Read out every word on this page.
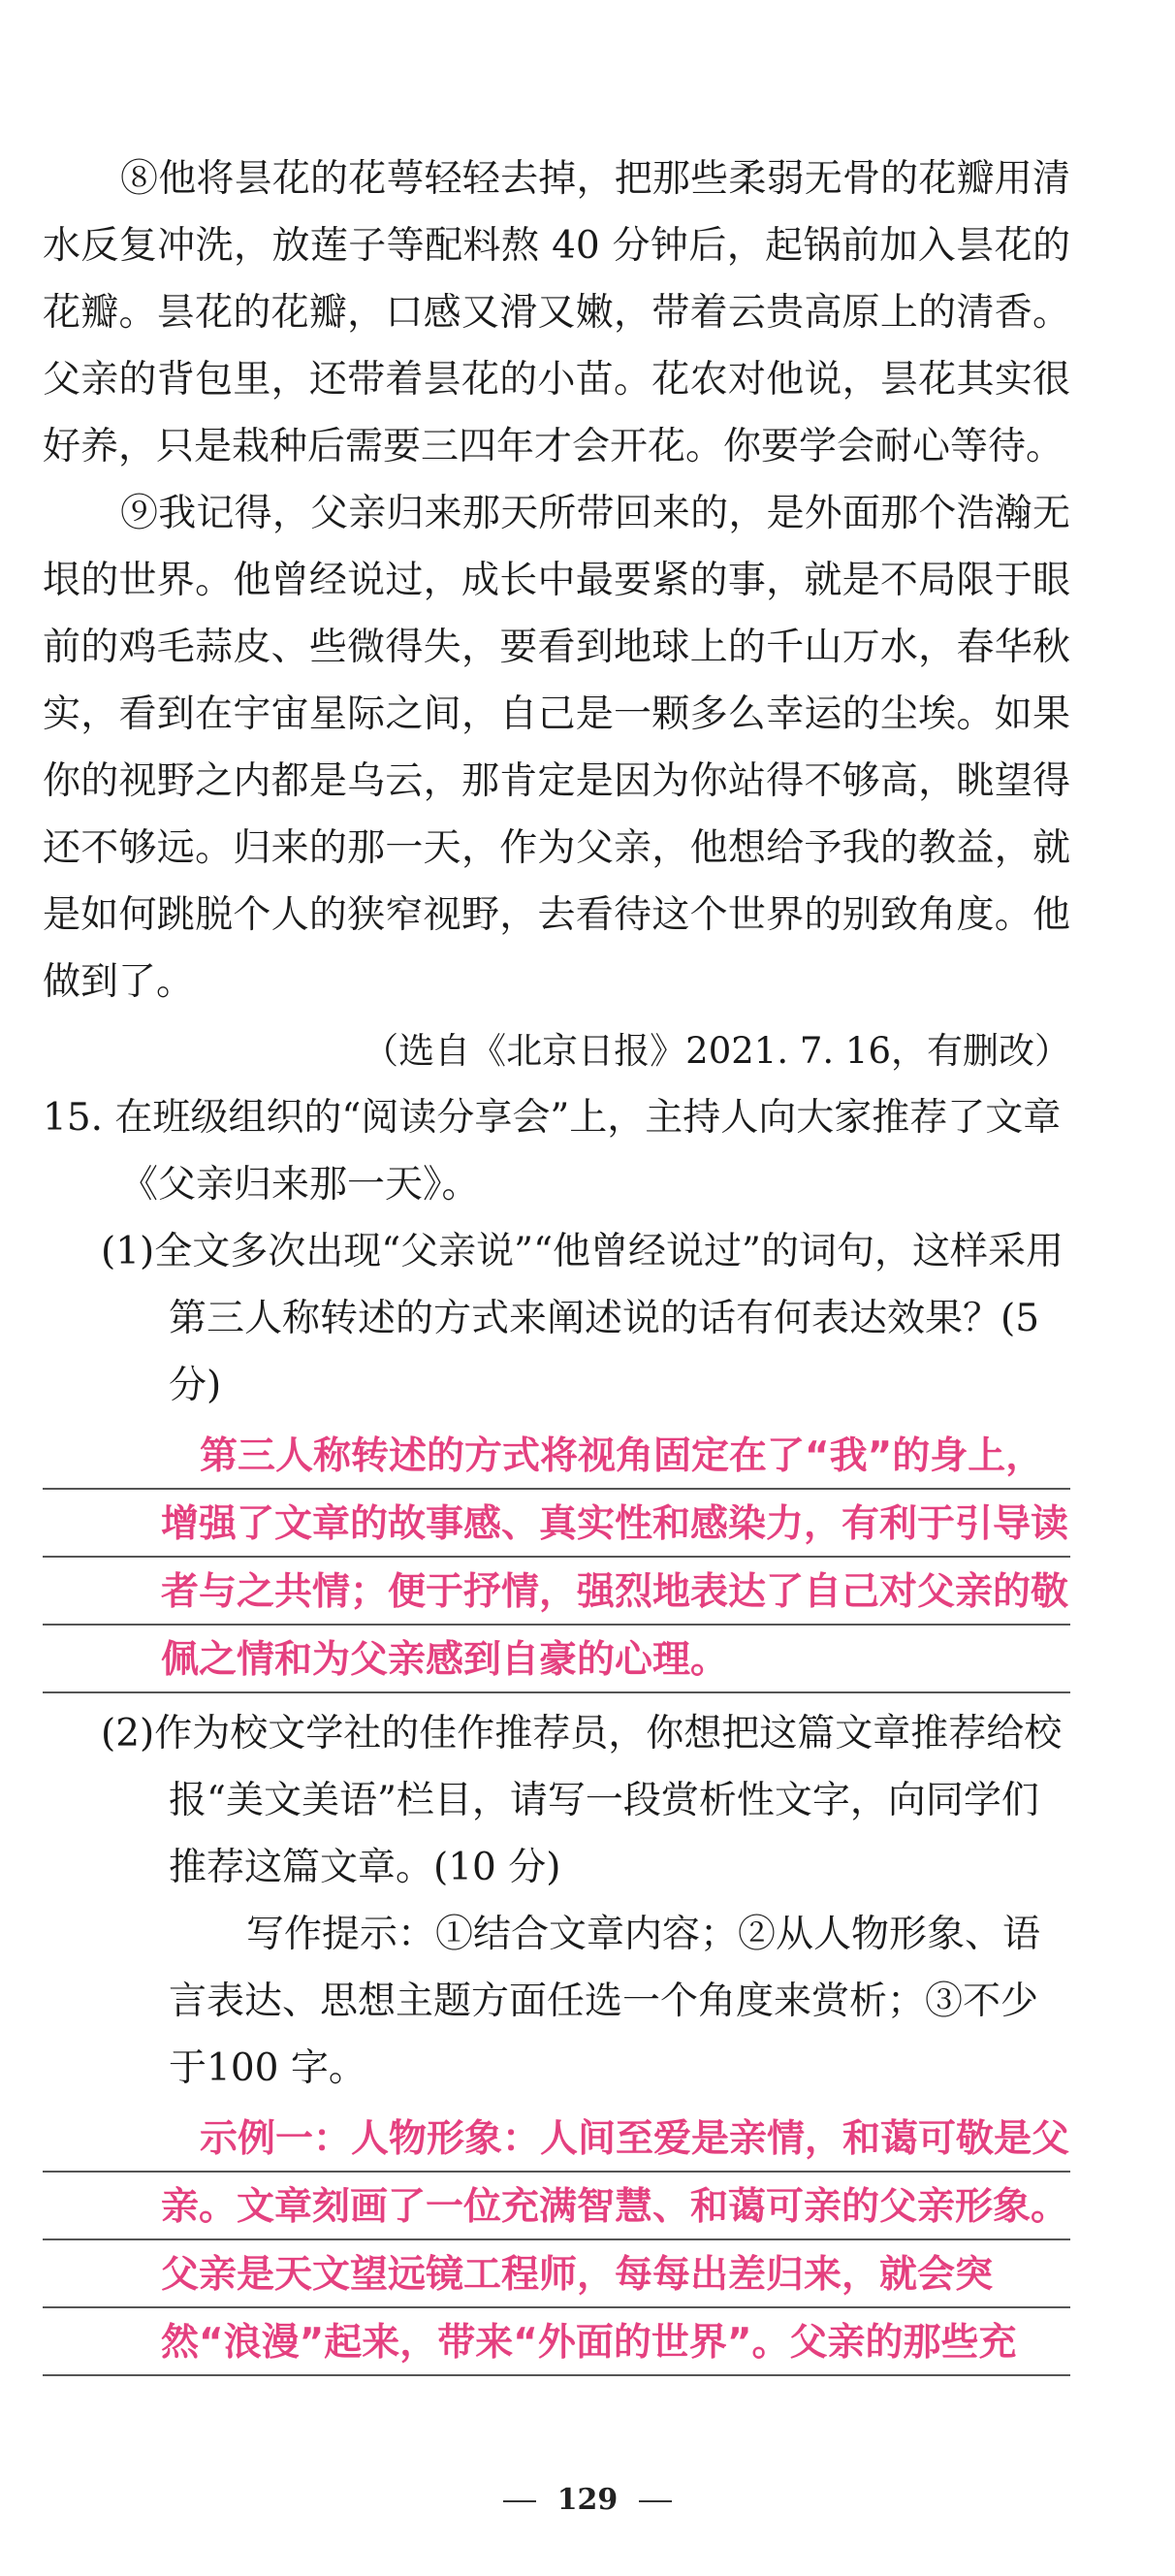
⑧他将昙花的花萼轻轻去掉，把那些柔弱无骨的花瓣用清水反复冲洗，放莲子等配料熬 40 分钟后，起锅前加入昙花的花瓣。昙花的花瓣，口感又滑又嫩，带着云贵高原上的清香。父亲的背包里，还带着昙花的小苗。花农对他说，昙花其实很好养，只是栽种后需要三四年才会开花。你要学会耐心等待。

⑨我记得，父亲归来那天所带回来的，是外面那个浩瀚无垠的世界。他曾经说过，成长中最要紧的事，就是不局限于眼前的鸡毛蒜皮、些微得失，要看到地球上的千山万水，春华秋实，看到在宇宙星际之间，自己是一颗多么幸运的尘埃。如果你的视野之内都是乌云，那肯定是因为你站得不够高，眺望得还不够远。归来的那一天，作为父亲，他想给予我的教益，就是如何跳脱个人的狭窄视野，去看待这个世界的别致角度。他做到了。

（选自《北京日报》2021. 7. 16，有删改）

15. 在班级组织的“阅读分享会”上，主持人向大家推荐了文章《父亲归来那一天》。

(1)全文多次出现“父亲说”“他曾经说过”的词句，这样采用第三人称转述的方式来阐述说的话有何表达效果？(5 分)

第三人称转述的方式将视角固定在了“我”的身上，增强了文章的故事感、真实性和感染力，有利于引导读者与之共情；便于抒情，强烈地表达了自己对父亲的敬佩之情和为父亲感到自豪的心理。

(2)作为校文学社的佳作推荐员，你想把这篇文章推荐给校报“美文美语”栏目，请写一段赏析性文字，向同学们推荐这篇文章。(10 分)

写作提示：①结合文章内容；②从人物形象、语言表达、思想主题方面任选一个角度来赏析；③不少于100 字。

示例一：人物形象：人间至爱是亲情，和蔼可敬是父亲。文章刻画了一位充满智慧、和蔼可亲的父亲形象。父亲是天文望远镜工程师，每每出差归来，就会突然“浪漫”起来，带来“外面的世界”。父亲的那些充
129
